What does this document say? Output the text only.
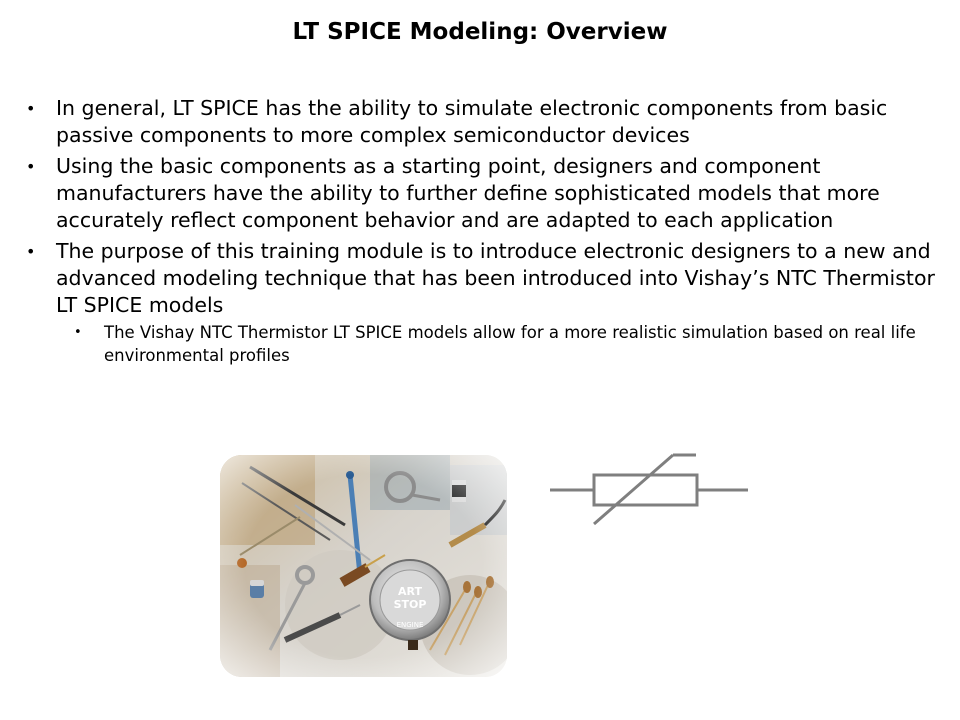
LT SPICE Modeling: Overview
• In general, LT SPICE has the ability to simulate electronic components from basic passive components to more complex semiconductor devices
• Using the basic components as a starting point, designers and component manufacturers have the ability to further define sophisticated models that more accurately reflect component behavior and are adapted to each application
• The purpose of this training module is to introduce electronic designers to a new and advanced modeling technique that has been introduced into Vishay’s NTC Thermistor LT SPICE models
• The Vishay NTC Thermistor LT SPICE models allow for a more realistic simulation based on real life environmental profiles
